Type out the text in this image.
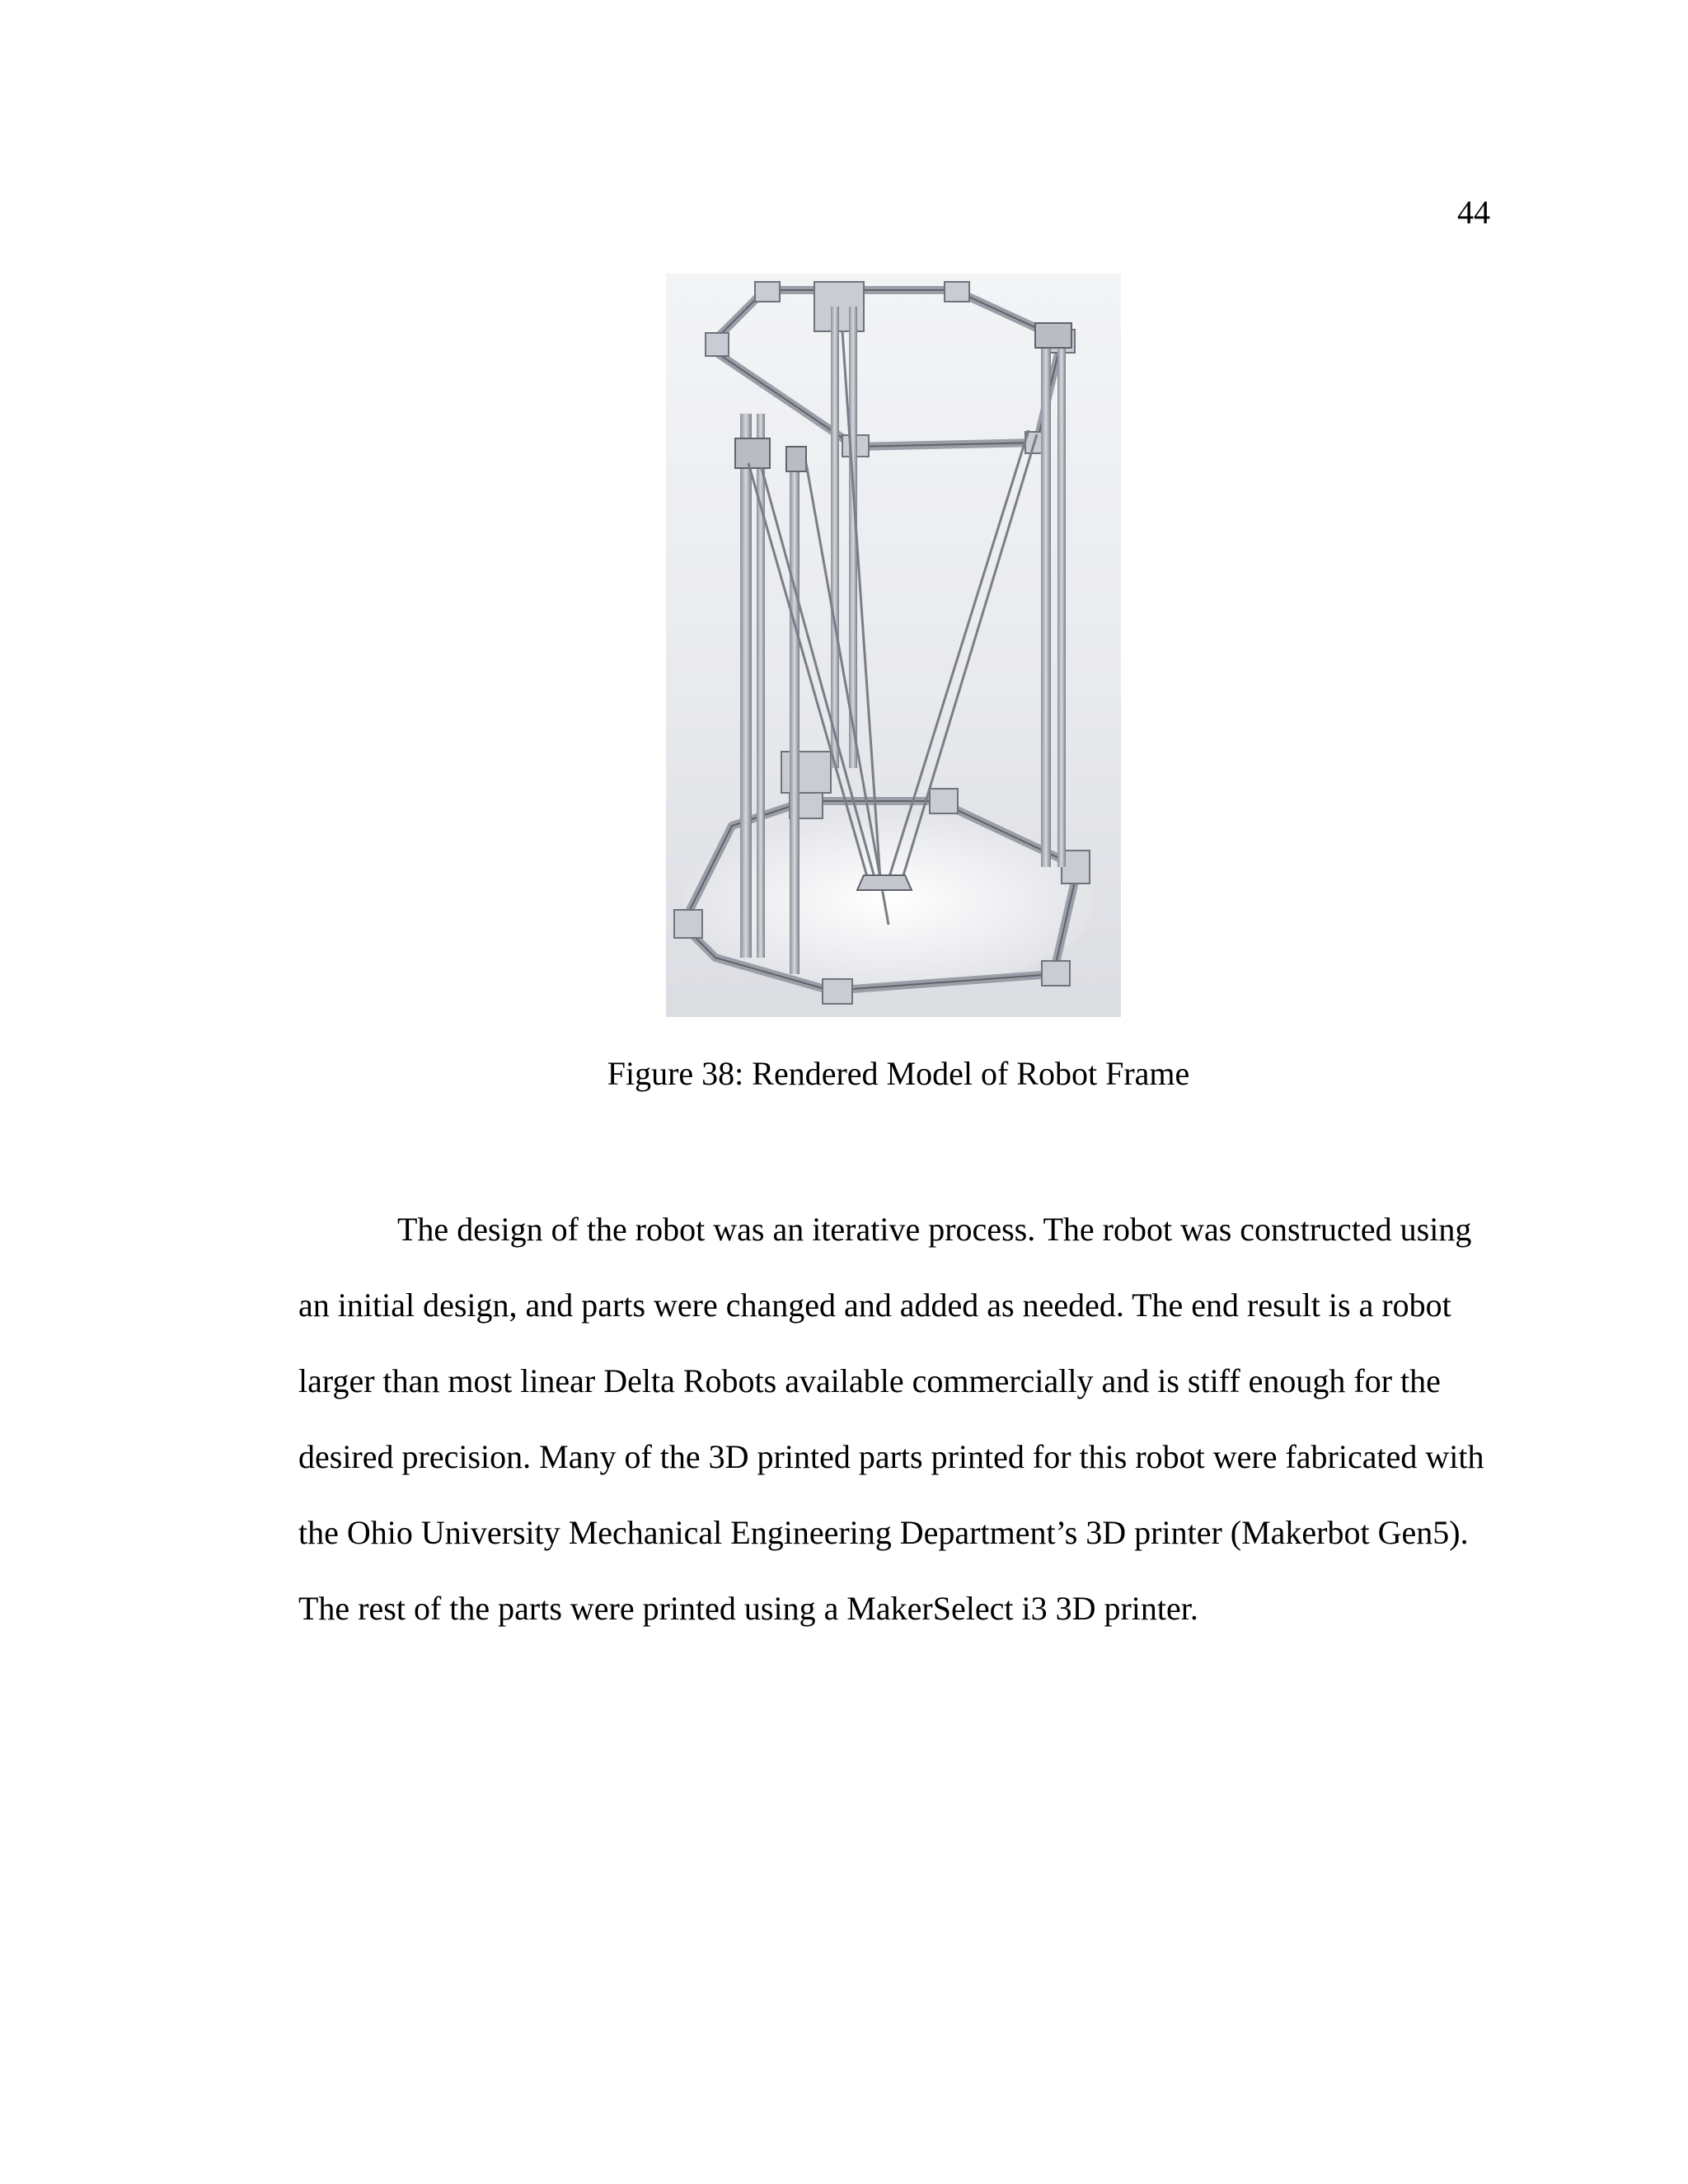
44
Figure 38: Rendered Model of Robot Frame
The design of the robot was an iterative process. The robot was constructed using
an initial design, and parts were changed and added as needed. The end result is a robot
larger than most linear Delta Robots available commercially and is stiff enough for the
desired precision. Many of the 3D printed parts printed for this robot were fabricated with
the Ohio University Mechanical Engineering Department’s 3D printer (Makerbot Gen5).
The rest of the parts were printed using a MakerSelect i3 3D printer.
